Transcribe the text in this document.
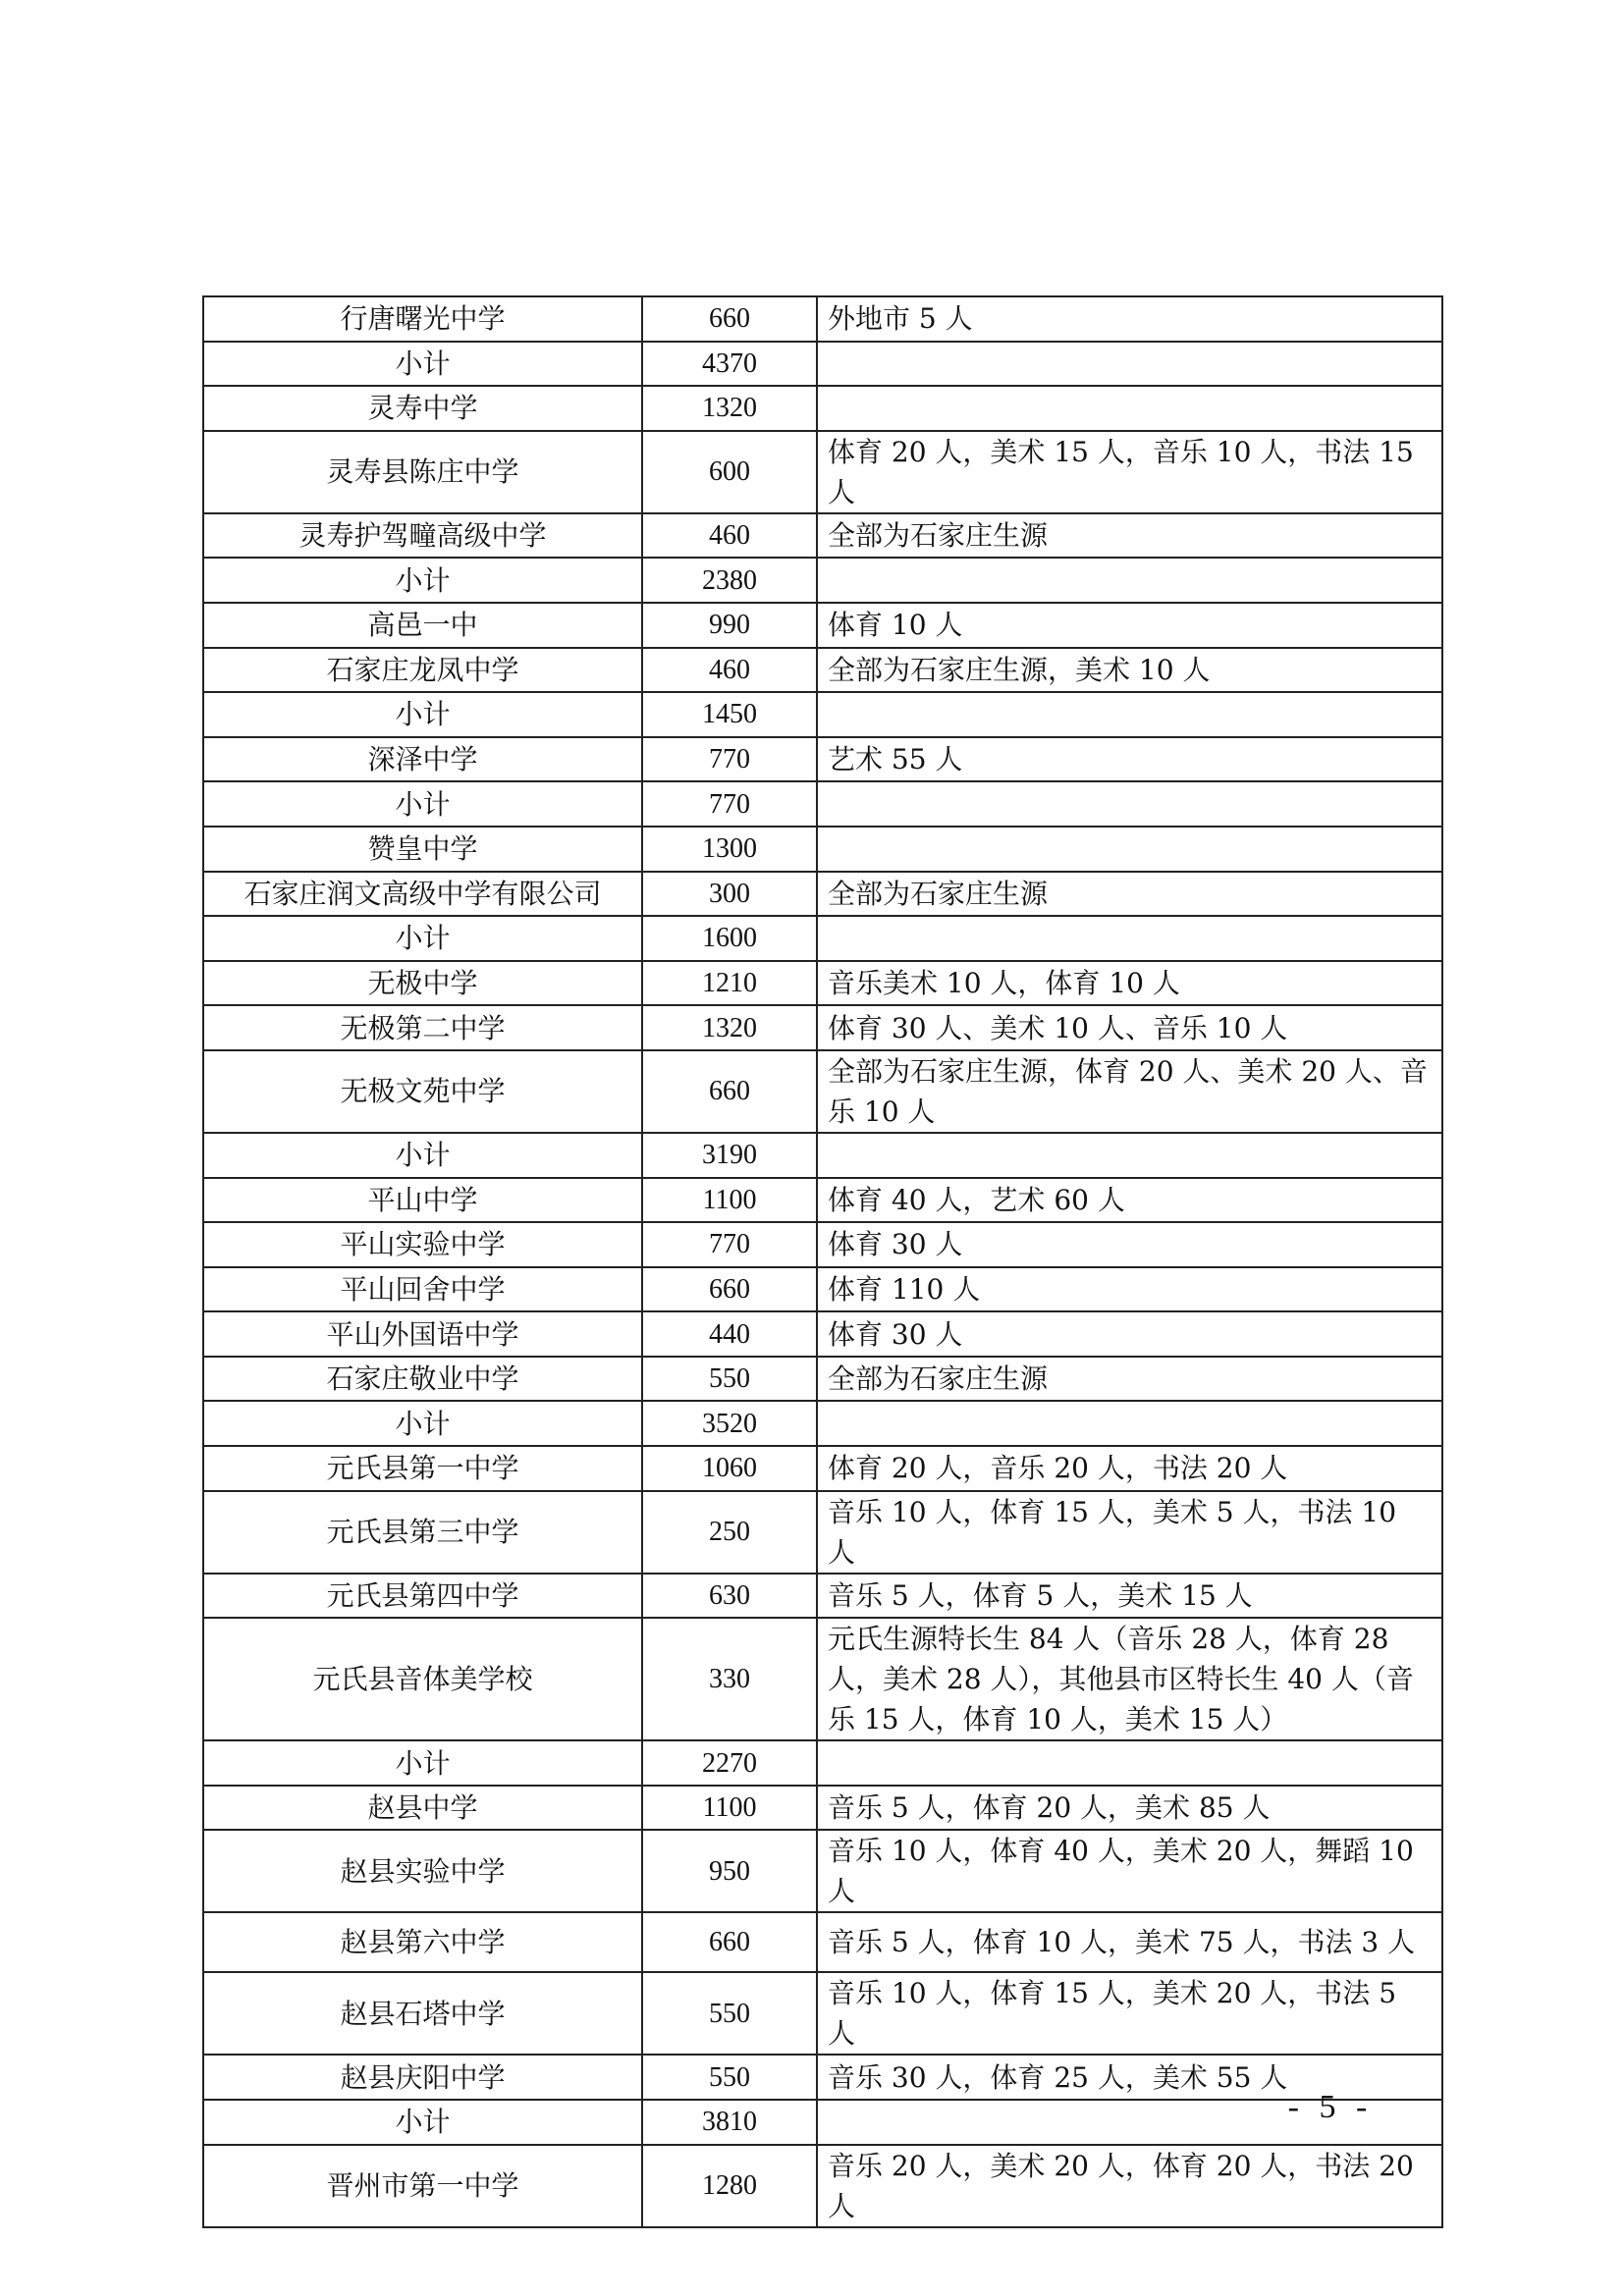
行唐曙光中学	660	外地市 5 人
小计	4370	
灵寿中学	1320	
灵寿县陈庄中学	600	体育 20 人，美术 15 人，音乐 10 人，书法 15 人
灵寿护驾疃高级中学	460	全部为石家庄生源
小计	2380	
高邑一中	990	体育 10 人
石家庄龙凤中学	460	全部为石家庄生源，美术 10 人
小计	1450	
深泽中学	770	艺术 55 人
小计	770	
赞皇中学	1300	
石家庄润文高级中学有限公司	300	全部为石家庄生源
小计	1600	
无极中学	1210	音乐美术 10 人，体育 10 人
无极第二中学	1320	体育 30 人、美术 10 人、音乐 10 人
无极文苑中学	660	全部为石家庄生源，体育 20 人、美术 20 人、音乐 10 人
小计	3190	
平山中学	1100	体育 40 人，艺术 60 人
平山实验中学	770	体育 30 人
平山回舍中学	660	体育 110 人
平山外国语中学	440	体育 30 人
石家庄敬业中学	550	全部为石家庄生源
小计	3520	
元氏县第一中学	1060	体育 20 人，音乐 20 人，书法 20 人
元氏县第三中学	250	音乐 10 人，体育 15 人，美术 5 人，书法 10 人
元氏县第四中学	630	音乐 5 人，体育 5 人，美术 15 人
元氏县音体美学校	330	元氏生源特长生 84 人（音乐 28 人，体育 28 人，美术 28 人），其他县市区特长生 40 人（音乐 15 人，体育 10 人，美术 15 人）
小计	2270	
赵县中学	1100	音乐 5 人，体育 20 人，美术 85 人
赵县实验中学	950	音乐 10 人，体育 40 人，美术 20 人，舞蹈 10 人
赵县第六中学	660	音乐 5 人，体育 10 人，美术 75 人，书法 3 人
赵县石塔中学	550	音乐 10 人，体育 15 人，美术 20 人，书法 5 人
赵县庆阳中学	550	音乐 30 人，体育 25 人，美术 55 人
小计	3810	
晋州市第一中学	1280	音乐 20 人，美术 20 人，体育 20 人，书法 20 人
- 5 -
